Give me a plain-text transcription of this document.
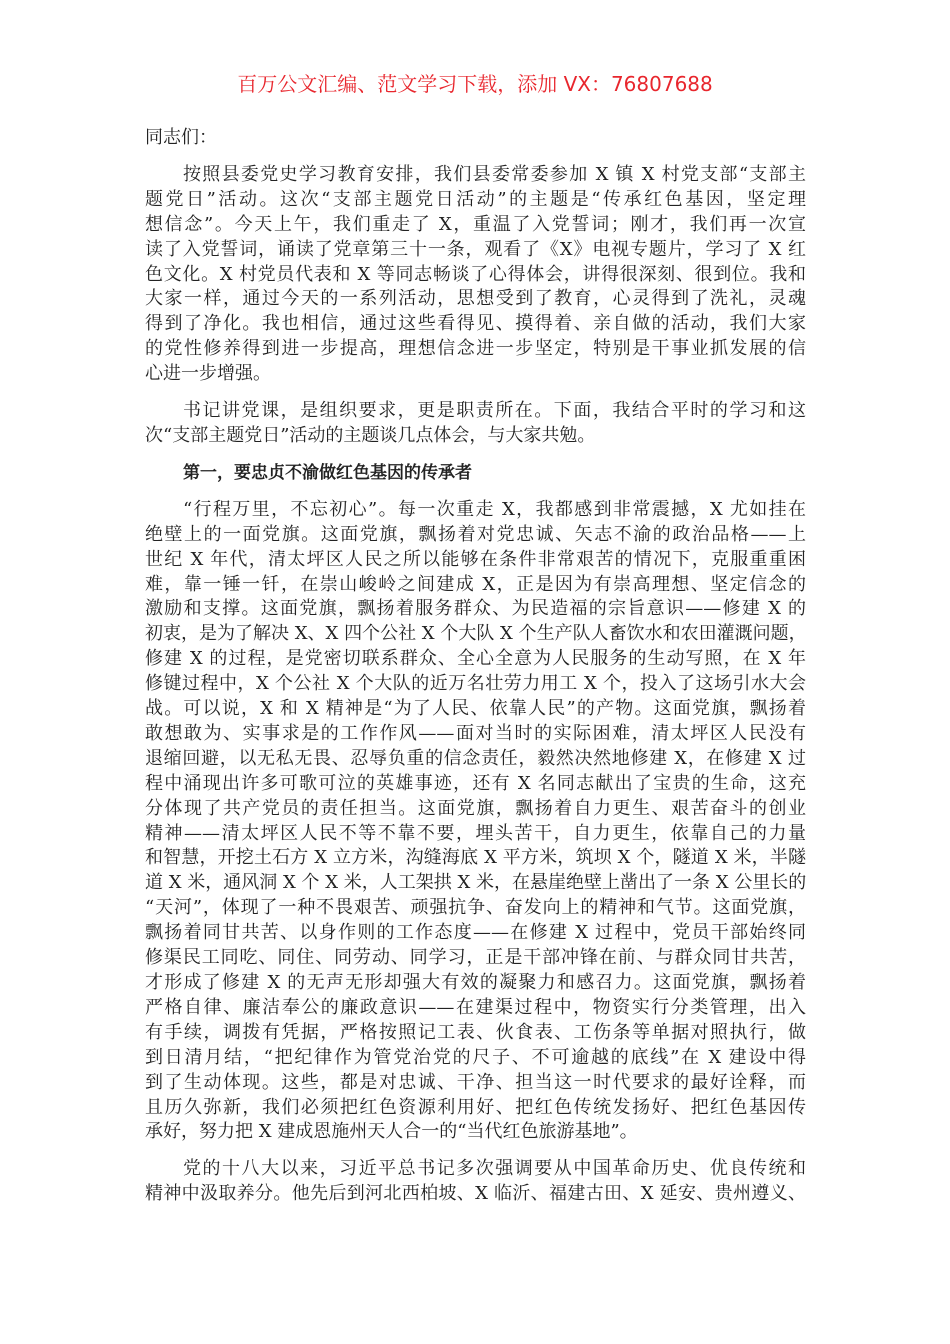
百万公文汇编、范文学习下载，添加 VX：76807688
同志们：
按照县委党史学习教育安排，我们县委常委参加 X 镇 X 村党支部“支部主
题党日”活动。这次“支部主题党日活动”的主题是“传承红色基因，坚定理
想信念”。今天上午，我们重走了 X，重温了入党誓词；刚才，我们再一次宣
读了入党誓词，诵读了党章第三十一条，观看了《X》电视专题片，学习了 X 红
色文化。X 村党员代表和 X 等同志畅谈了心得体会，讲得很深刻、很到位。我和
大家一样，通过今天的一系列活动，思想受到了教育，心灵得到了洗礼，灵魂
得到了净化。我也相信，通过这些看得见、摸得着、亲自做的活动，我们大家
的党性修养得到进一步提高，理想信念进一步坚定，特别是干事业抓发展的信
心进一步增强。
书记讲党课，是组织要求，更是职责所在。下面，我结合平时的学习和这
次“支部主题党日”活动的主题谈几点体会，与大家共勉。
第一，要忠贞不渝做红色基因的传承者
“行程万里，不忘初心”。每一次重走 X，我都感到非常震撼，X 尤如挂在
绝壁上的一面党旗。这面党旗，飘扬着对党忠诚、矢志不渝的政治品格——上
世纪 X 年代，清太坪区人民之所以能够在条件非常艰苦的情况下，克服重重困
难，靠一锤一钎，在崇山峻岭之间建成 X，正是因为有崇高理想、坚定信念的
激励和支撑。这面党旗，飘扬着服务群众、为民造福的宗旨意识——修建 X 的
初衷，是为了解决 X、X 四个公社 X 个大队 X 个生产队人畜饮水和农田灌溉问题，
修建 X 的过程，是党密切联系群众、全心全意为人民服务的生动写照，在 X 年
修键过程中，X 个公社 X 个大队的近万名壮劳力用工 X 个，投入了这场引水大会
战。可以说，X 和 X 精神是“为了人民、依靠人民”的产物。这面党旗，飘扬着
敢想敢为、实事求是的工作作风——面对当时的实际困难，清太坪区人民没有
退缩回避，以无私无畏、忍辱负重的信念责任，毅然决然地修建 X，在修建 X 过
程中涌现出许多可歌可泣的英雄事迹，还有 X 名同志献出了宝贵的生命，这充
分体现了共产党员的责任担当。这面党旗，飘扬着自力更生、艰苦奋斗的创业
精神——清太坪区人民不等不靠不要，埋头苦干，自力更生，依靠自己的力量
和智慧，开挖土石方 X 立方米，沟缝海底 X 平方米，筑坝 X 个，隧道 X 米，半隧
道 X 米，通风洞 X 个 X 米，人工架拱 X 米，在悬崖绝壁上凿出了一条 X 公里长的
“天河”，体现了一种不畏艰苦、顽强抗争、奋发向上的精神和气节。这面党旗，
飘扬着同甘共苦、以身作则的工作态度——在修建 X 过程中，党员干部始终同
修渠民工同吃、同住、同劳动、同学习，正是干部冲锋在前、与群众同甘共苦，
才形成了修建 X 的无声无形却强大有效的凝聚力和感召力。这面党旗，飘扬着
严格自律、廉洁奉公的廉政意识——在建渠过程中，物资实行分类管理，出入
有手续，调拨有凭据，严格按照记工表、伙食表、工伤条等单据对照执行，做
到日清月结，“把纪律作为管党治党的尺子、不可逾越的底线”在 X 建设中得
到了生动体现。这些，都是对忠诚、干净、担当这一时代要求的最好诠释，而
且历久弥新，我们必须把红色资源利用好、把红色传统发扬好、把红色基因传
承好，努力把 X 建成恩施州天人合一的“当代红色旅游基地”。
党的十八大以来，习近平总书记多次强调要从中国革命历史、优良传统和
精神中汲取养分。他先后到河北西柏坡、X 临沂、福建古田、X 延安、贵州遵义、
